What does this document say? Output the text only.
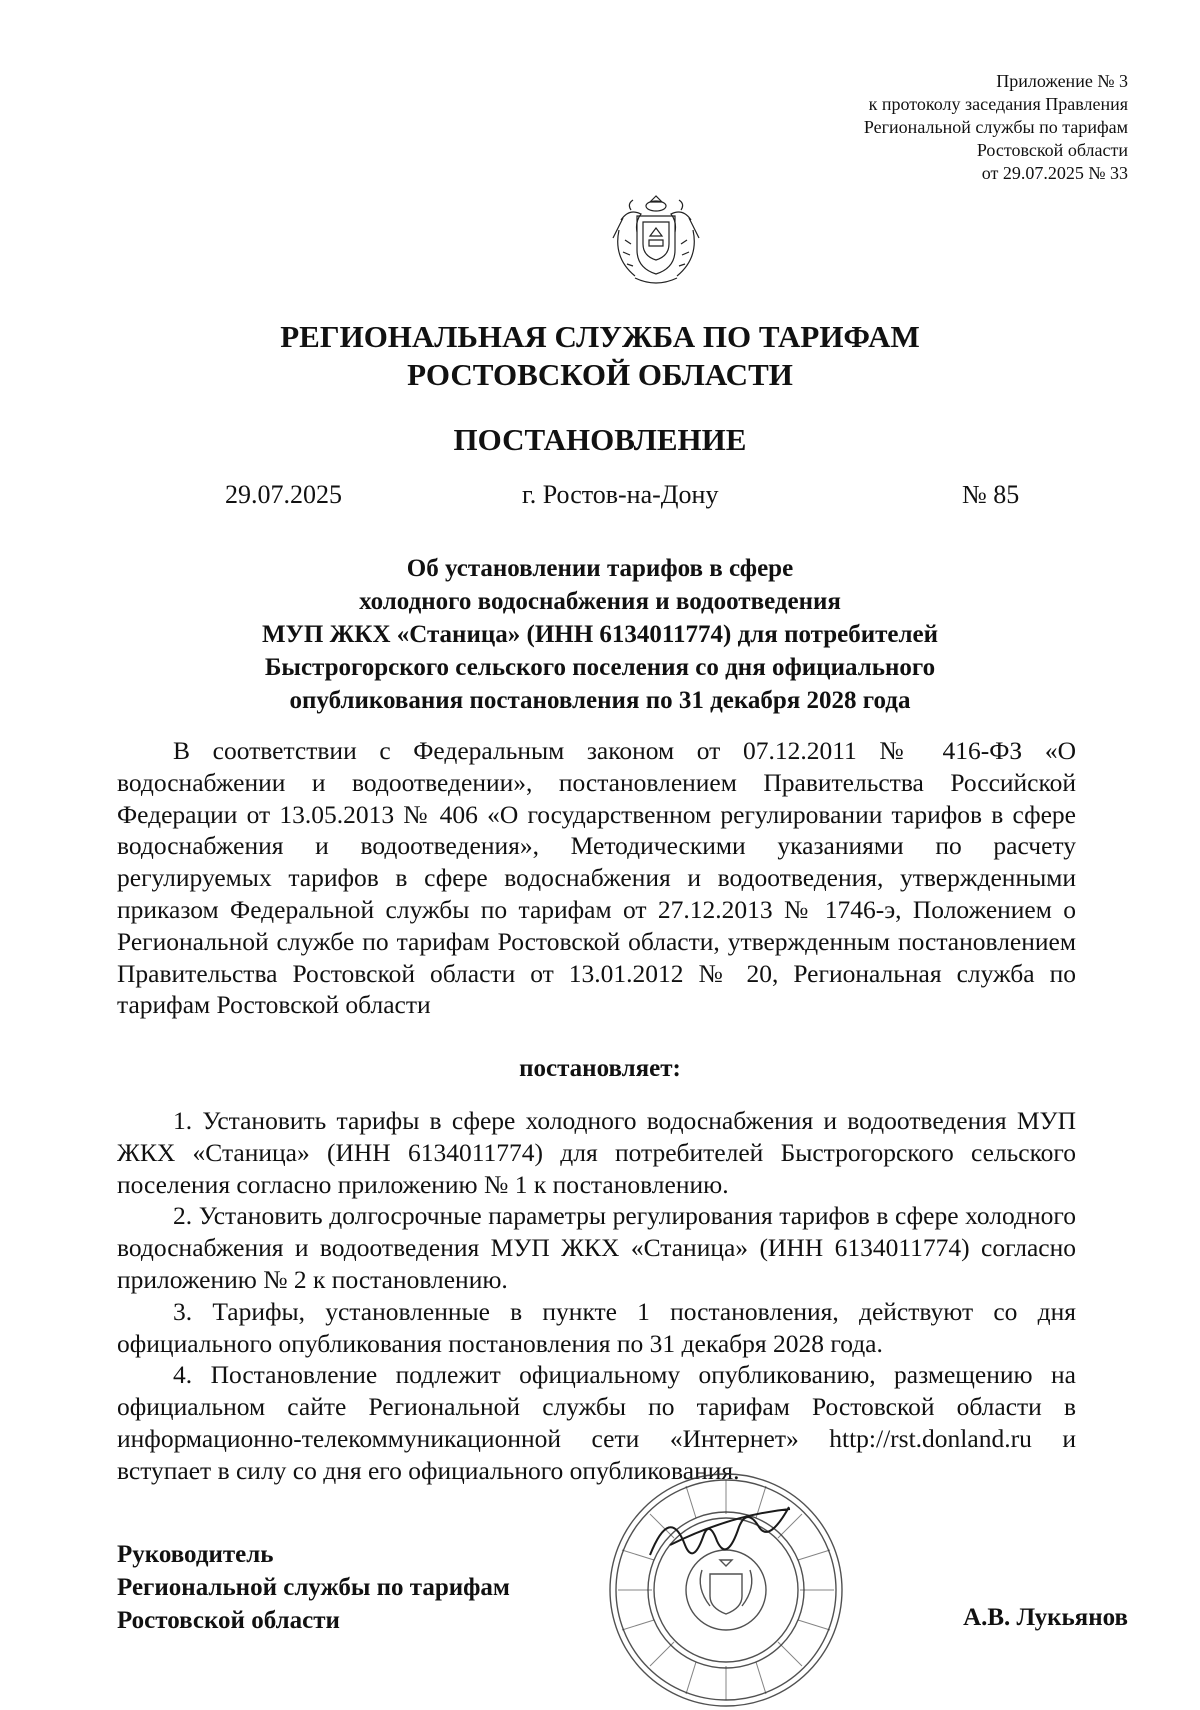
Приложение № 3
к протоколу заседания Правления
Региональной службы по тарифам
Ростовской области
от 29.07.2025 № 33
РЕГИОНАЛЬНАЯ СЛУЖБА ПО ТАРИФАМ
РОСТОВСКОЙ ОБЛАСТИ
ПОСТАНОВЛЕНИЕ
29.07.2025	г. Ростов-на-Дону	№ 85
Об установлении тарифов в сфере
холодного водоснабжения и водоотведения
МУП ЖКХ «Станица» (ИНН 6134011774) для потребителей
Быстрогорского сельского поселения со дня официального
опубликования постановления по 31 декабря 2028 года
В соответствии с Федеральным законом от 07.12.2011 № 416-ФЗ «О водоснабжении и водоотведении», постановлением Правительства Российской Федерации от 13.05.2013 № 406 «О государственном регулировании тарифов в сфере водоснабжения и водоотведения», Методическими указаниями по расчету регулируемых тарифов в сфере водоснабжения и водоотведения, утвержденными приказом Федеральной службы по тарифам от 27.12.2013 № 1746-э, Положением о Региональной службе по тарифам Ростовской области, утвержденным постановлением Правительства Ростовской области от 13.01.2012 № 20, Региональная служба по тарифам Ростовской области
постановляет:

1. Установить тарифы в сфере холодного водоснабжения и водоотведения МУП ЖКХ «Станица» (ИНН 6134011774) для потребителей Быстрогорского сельского поселения согласно приложению № 1 к постановлению.

2. Установить долгосрочные параметры регулирования тарифов в сфере холодного водоснабжения и водоотведения МУП ЖКХ «Станица» (ИНН 6134011774) согласно приложению № 2 к постановлению.

3. Тарифы, установленные в пункте 1 постановления, действуют со дня официального опубликования постановления по 31 декабря 2028 года.

4. Постановление подлежит официальному опубликованию, размещению на официальном сайте Региональной службы по тарифам Ростовской области в информационно-телекоммуникационной сети «Интернет» http://rst.donland.ru и вступает в силу со дня его официального опубликования.

Руководитель
Региональной службы по тарифам
Ростовской области	А.В. Лукьянов
